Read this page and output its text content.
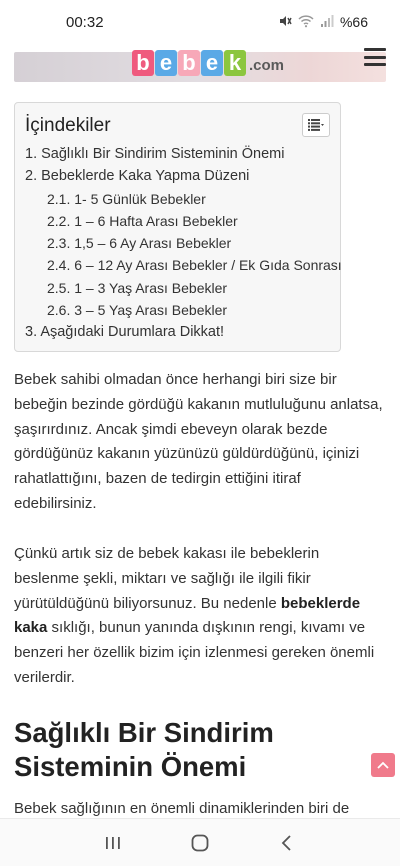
00:32	%66
b e b e k .com
İçindekiler
1. Sağlıklı Bir Sindirim Sisteminin Önemi
2. Bebeklerde Kaka Yapma Düzeni
2.1. 1- 5 Günlük Bebekler
2.2. 1 – 6 Hafta Arası Bebekler
2.3. 1,5 – 6 Ay Arası Bebekler
2.4. 6 – 12 Ay Arası Bebekler / Ek Gıda Sonrası
2.5. 1 – 3 Yaş Arası Bebekler
2.6. 3 – 5 Yaş Arası Bebekler
3. Aşağıdaki Durumlara Dikkat!

Bebek sahibi olmadan önce herhangi biri size bir bebeğin bezinde gördüğü kakanın mutluluğunu anlatsa, şaşırırdınız. Ancak şimdi ebeveyn olarak bezde gördüğünüz kakanın yüzünüzü güldürdüğünü, içinizi rahatlattığını, bazen de tedirgin ettiğini itiraf edebilirsiniz.

Çünkü artık siz de bebek kakası ile bebeklerin beslenme şekli, miktarı ve sağlığı ile ilgili fikir yürütüldüğünü biliyorsunuz. Bu nedenle bebeklerde kaka sıklığı, bunun yanında dışkının rengi, kıvamı ve benzeri her özellik bizim için izlenmesi gereken önemli verilerdir.

Sağlıklı Bir Sindirim Sisteminin Önemi
Bebek sağlığının en önemli dinamiklerinden biri de
